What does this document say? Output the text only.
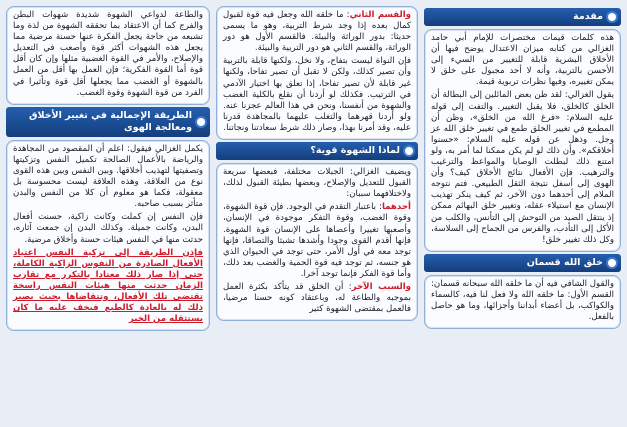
مقدمة

هذه كلمات قيمات مختصرات للإمام أبي حامد الغزالي من كتابه ميزان الاعتدال يوضح فيها أن الأخلاق البشرية قابلة للتغيير من السيء إلى الأحسن بالتربية، وأنه لا أحد مجبول على خلق لا يمكن تغييره، وفيها نظرات تربوية قيمة.

يقول الغزالي: لقد ظن بعض المائلين إلى البطالة أن الخلق كالخلق، فلا يقبل التغيير. والتفت إلى قوله عليه السلام: «فرغ الله من الخلق»، وظن أن المطمع في تغيير الخلق طمع في تغيير خلق الله عز وجل. وذهل عن قوله عليه السلام: «حسنوا أخلاقكم». وأن ذلك لو لم يكن ممكنا لما أمر به، ولو امتنع ذلك لبطلت الوصايا والمواعظ والترغيب والترهيب. فإن الأفعال نتائج الأخلاق كيف؟ وأن الهوى إلى أسفل نتيجة الثقل الطبيعي. فتم نتوجه الملام إلى أحدهما دون الآخر، ثم كيف ينكر تهذيب الإنسان مع استيلاء عقله، وتغيير خلق البهائم ممكن إذ ينتقل الصيد من التوحش إلى التأنس، والكلب من الأكل إلى التأدب، والفرس من الجماح إلى السلاسة، وكل ذلك تغيير خلق!

خلق الله قسمان

والقول الشافي فيه أن ما خلقه الله سبحانه قسمان: القسم الأول: ما خلقه الله ولا فعل لنا فيه، كالسماء والكواكب، بل أعضاء أبداننا وأجزائها، وما هو حاصل بالفعل.

والقسم الثاني: ما خلقه الله وجعل فيه قوة لقبول كمال بعده إذا وجد شرط التربية، وهو ما يسمى حديثا: بدور الوراثة والبيئة. فالقسم الأول هو دور الوراثة، والقسم الثاني هو دور التربية والبيئة.

فإن النواة ليست بتفاح، ولا نخل، ولكنها قابلة بالتربية وأن تصير كذلك، ولكن لا تقبل أن تصير تفاحا، ولكنها غير قابلة لأن تصير تفاحا، إذا تعلق بها اختيار الآدمي في الترتيب. فكذلك لو أردنا أن نقلع بالكلية الغضب والشهوة من أنفسنا، ونحن في هذا العالم عجزنا عنه. ولو أردنا قهرهما والتغلب عليهما بالمجاهدة قدرنا عليه، وقد أمرنا بهذا، وصار ذلك شرط سعادتنا ونجاتنا.

لماذا الشهوة قوية؟

ويضيف الغزالي: الجبلات مختلفة، فبعضها سريعة القبول للتعديل والإصلاح، وبعضها بطيئة القبول لذلك، ولاختلافهما سببان:

أحدهما: باعتبار التقدم في الوجود. فإن قوة الشهوة، وقوة الغضب، وقوة التفكر موجودة في الإنسان، وأصعبها تغييرا وأعصاها على الإنسان قوة الشهوة. فإنها أقدم القوى وجودا وأشدها تشبثا والتصاقا، فإنها توجد معه في أول الأمر، حتى توجد في الحيوان الذي هو جنسه، ثم توجد فيه قوة الحمية والغضب بعد ذلك، وأما قوة الفكر فإنما توجد آخرا.

والسبب الآخر: أن الخلق قد يتأكد بكثرة العمل بموجبه والطاعة له، وباعتقاد كونه حسنا مرضيا، فالعمل بمقتضى الشهوة كثير

والطاعة لدواعي الشهوة شديدة شهوات البطن والفرج كما أن الاعتقاد بما تحققه الشهوة من لذة وما تشبعه من حاجة يجعل الفكرة عنها حسنة مرضية مما يجعل هذه الشهوات أكثر قوة وأصعب في التعديل والإصلاح، والأمر في القوة الغضبية مثلها وإن كان أقل قوة أما القوة الفكرية؛ فإن العمل بها أقل من العمل بالشهوة أو الغضب مما يجعلها أقل قوة وتأثيرا في الفرد من قوة الشهوة وقوة الغضب.

الطريقة الإجمالية في تغيير الأخلاق ومعالجة الهوى

يكمل الغزالي فيقول: اعلم أن المقصود من المجاهدة والرياضة بالأعمال الصالحة تكميل النفس وتزكيتها وتصفيتها لتهذيب أخلاقها. وبين النفس وبين هذه القوى نوع من العلاقة، وهذه العلاقة ليست محسوسة بل معقولة، فكما هو معلوم أن كلا من النفس والبدن متأثر بسبب صاحبه.

فإن النفس إن كملت وكانت زاكية، حسنت أفعال البدن، وكانت جميلة. وكذلك البدن إن جمعت آثاره، حدثت منها في النفس هيئات حسنة وأخلاق مرضية.

فإذن الطريقة إلى تزكية النفس اعتياد الأفعال الصادرة من النفوس الزاكية الكاملة، حتى إذا صار ذلك معتادا بالتكرر مع تقارب الزمان حدثت منها هيئات النفس راسخة تقتضي تلك الأفعال، وتتقاضاها بحيث يصير ذلك له بالعادة كالطبع فيخف عليه ما كان يستثقله من الخير
